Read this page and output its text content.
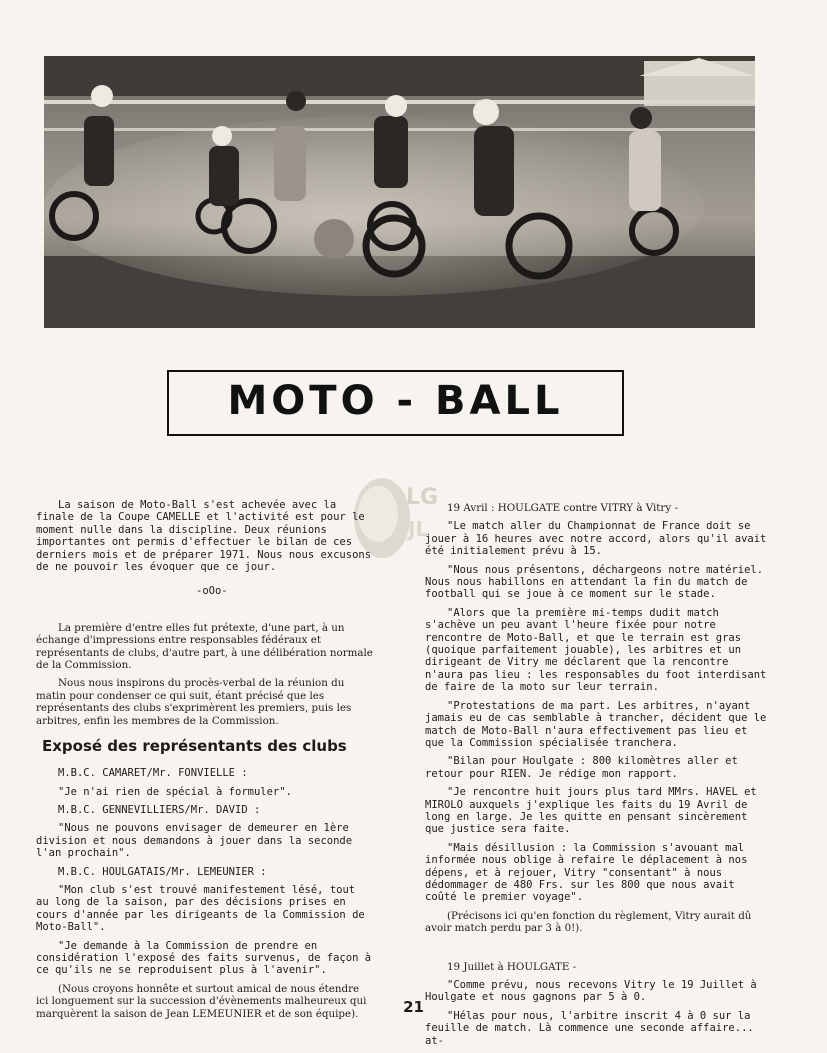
MOTO - BALL
LG
JL

La saison de Moto-Ball s'est achevée avec la finale de la Coupe CAMELLE et l'activité est pour le moment nulle dans la discipline. Deux réunions importantes ont permis d'effectuer le bilan de ces derniers mois et de préparer 1971. Nous nous excusons de ne pouvoir les évoquer que ce jour.

-oOo-

La première d'entre elles fut prétexte, d'une part, à un échange d'impressions entre responsables fédéraux et représentants de clubs, d'autre part, à une délibération normale de la Commission.

Nous nous inspirons du procès-verbal de la réunion du matin pour condenser ce qui suit, étant précisé que les représentants des clubs s'exprimèrent les premiers, puis les arbitres, enfin les membres de la Commission.

Exposé des représentants des clubs

M.B.C. CAMARET/Mr. FONVIELLE :

"Je n'ai rien de spécial à formuler".

M.B.C. GENNEVILLIERS/Mr. DAVID :

"Nous ne pouvons envisager de demeurer en 1ère division et nous demandons à jouer dans la seconde l'an prochain".

M.B.C. HOULGATAIS/Mr. LEMEUNIER :

"Mon club s'est trouvé manifestement lésé, tout au long de la saison, par des décisions prises en cours d'année par les dirigeants de la Commission de Moto-Ball".

"Je demande à la Commission de prendre en considération l'exposé des faits survenus, de façon à ce qu'ils ne se reproduisent plus à l'avenir".

(Nous croyons honnête et surtout amical de nous étendre ici longuement sur la succession d'évènements malheureux qui marquèrent la saison de Jean LEMEUNIER et de son équipe).

19 Avril : HOULGATE contre VITRY à Vitry -

"Le match aller du Championnat de France doit se jouer à 16 heures avec notre accord, alors qu'il avait été initialement prévu à 15.

"Nous nous présentons, déchargeons notre matériel. Nous nous habillons en attendant la fin du match de football qui se joue à ce moment sur le stade.

"Alors que la première mi-temps dudit match s'achève un peu avant l'heure fixée pour notre rencontre de Moto-Ball, et que le terrain est gras (quoique parfaitement jouable), les arbitres et un dirigeant de Vitry me déclarent que la rencontre n'aura pas lieu : les responsables du foot interdisant de faire de la moto sur leur terrain.

"Protestations de ma part. Les arbitres, n'ayant jamais eu de cas semblable à trancher, décident que le match de Moto-Ball n'aura effectivement pas lieu et que la Commission spécialisée tranchera.

"Bilan pour Houlgate : 800 kilomètres aller et retour pour RIEN. Je rédige mon rapport.

"Je rencontre huit jours plus tard MMrs. HAVEL et MIROLO auxquels j'explique les faits du 19 Avril de long en large. Je les quitte en pensant sincèrement que justice sera faite.

"Mais désillusion : la Commission s'avouant mal informée nous oblige à refaire le déplacement à nos dépens, et à rejouer, Vitry "consentant" à nous dédommager de 480 Frs. sur les 800 que nous avait coûté le premier voyage".

(Précisons ici qu'en fonction du règlement, Vitry aurait dû avoir match perdu par 3 à 0!).

19 Juillet à HOULGATE -

"Comme prévu, nous recevons Vitry le 19 Juillet à Houlgate et nous gagnons par 5 à 0.

"Hélas pour nous, l'arbitre inscrit 4 à 0 sur la feuille de match. Là commence une seconde affaire... at-

21
